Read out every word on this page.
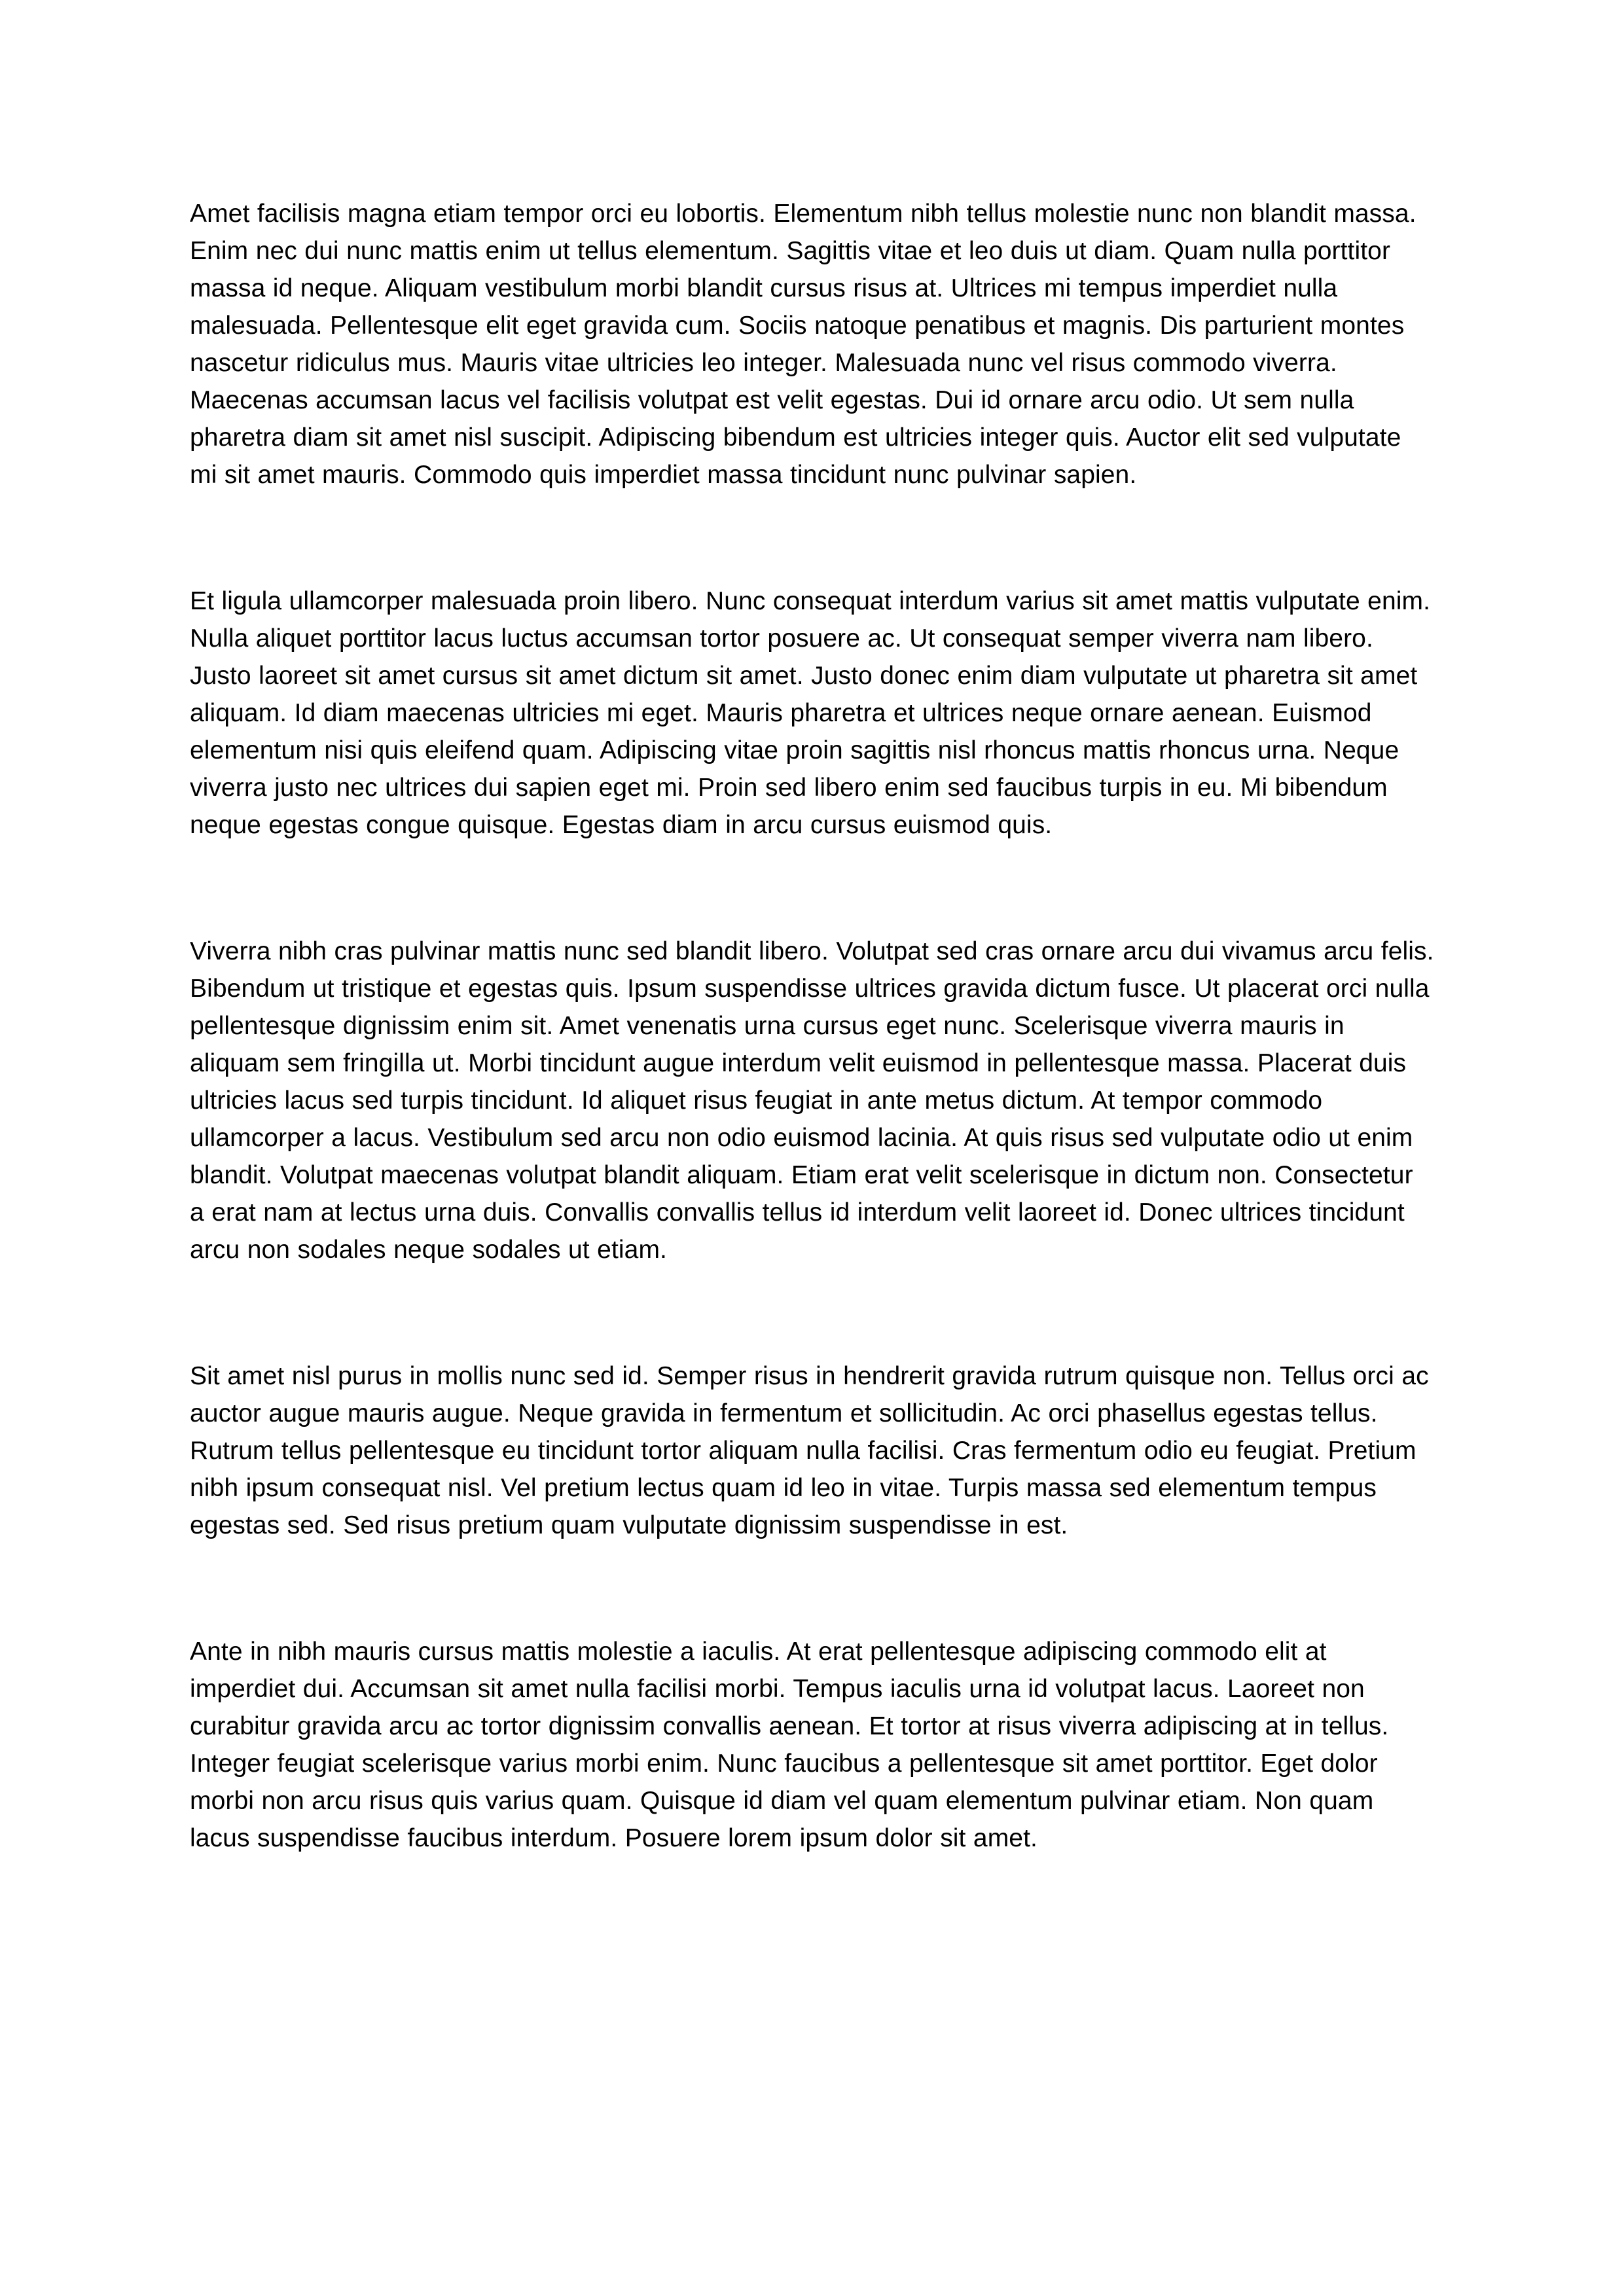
Amet facilisis magna etiam tempor orci eu lobortis. Elementum nibh tellus molestie nunc non blandit massa. Enim nec dui nunc mattis enim ut tellus elementum. Sagittis vitae et leo duis ut diam. Quam nulla porttitor massa id neque. Aliquam vestibulum morbi blandit cursus risus at. Ultrices mi tempus imperdiet nulla malesuada. Pellentesque elit eget gravida cum. Sociis natoque penatibus et magnis. Dis parturient montes nascetur ridiculus mus. Mauris vitae ultricies leo integer. Malesuada nunc vel risus commodo viverra. Maecenas accumsan lacus vel facilisis volutpat est velit egestas. Dui id ornare arcu odio. Ut sem nulla pharetra diam sit amet nisl suscipit. Adipiscing bibendum est ultricies integer quis. Auctor elit sed vulputate mi sit amet mauris. Commodo quis imperdiet massa tincidunt nunc pulvinar sapien.

Et ligula ullamcorper malesuada proin libero. Nunc consequat interdum varius sit amet mattis vulputate enim. Nulla aliquet porttitor lacus luctus accumsan tortor posuere ac. Ut consequat semper viverra nam libero. Justo laoreet sit amet cursus sit amet dictum sit amet. Justo donec enim diam vulputate ut pharetra sit amet aliquam. Id diam maecenas ultricies mi eget. Mauris pharetra et ultrices neque ornare aenean. Euismod elementum nisi quis eleifend quam. Adipiscing vitae proin sagittis nisl rhoncus mattis rhoncus urna. Neque viverra justo nec ultrices dui sapien eget mi. Proin sed libero enim sed faucibus turpis in eu. Mi bibendum neque egestas congue quisque. Egestas diam in arcu cursus euismod quis.

Viverra nibh cras pulvinar mattis nunc sed blandit libero. Volutpat sed cras ornare arcu dui vivamus arcu felis. Bibendum ut tristique et egestas quis. Ipsum suspendisse ultrices gravida dictum fusce. Ut placerat orci nulla pellentesque dignissim enim sit. Amet venenatis urna cursus eget nunc. Scelerisque viverra mauris in aliquam sem fringilla ut. Morbi tincidunt augue interdum velit euismod in pellentesque massa. Placerat duis ultricies lacus sed turpis tincidunt. Id aliquet risus feugiat in ante metus dictum. At tempor commodo ullamcorper a lacus. Vestibulum sed arcu non odio euismod lacinia. At quis risus sed vulputate odio ut enim blandit. Volutpat maecenas volutpat blandit aliquam. Etiam erat velit scelerisque in dictum non. Consectetur a erat nam at lectus urna duis. Convallis convallis tellus id interdum velit laoreet id. Donec ultrices tincidunt arcu non sodales neque sodales ut etiam.

Sit amet nisl purus in mollis nunc sed id. Semper risus in hendrerit gravida rutrum quisque non. Tellus orci ac auctor augue mauris augue. Neque gravida in fermentum et sollicitudin. Ac orci phasellus egestas tellus. Rutrum tellus pellentesque eu tincidunt tortor aliquam nulla facilisi. Cras fermentum odio eu feugiat. Pretium nibh ipsum consequat nisl. Vel pretium lectus quam id leo in vitae. Turpis massa sed elementum tempus egestas sed. Sed risus pretium quam vulputate dignissim suspendisse in est.

Ante in nibh mauris cursus mattis molestie a iaculis. At erat pellentesque adipiscing commodo elit at imperdiet dui. Accumsan sit amet nulla facilisi morbi. Tempus iaculis urna id volutpat lacus. Laoreet non curabitur gravida arcu ac tortor dignissim convallis aenean. Et tortor at risus viverra adipiscing at in tellus. Integer feugiat scelerisque varius morbi enim. Nunc faucibus a pellentesque sit amet porttitor. Eget dolor morbi non arcu risus quis varius quam. Quisque id diam vel quam elementum pulvinar etiam. Non quam lacus suspendisse faucibus interdum. Posuere lorem ipsum dolor sit amet.
